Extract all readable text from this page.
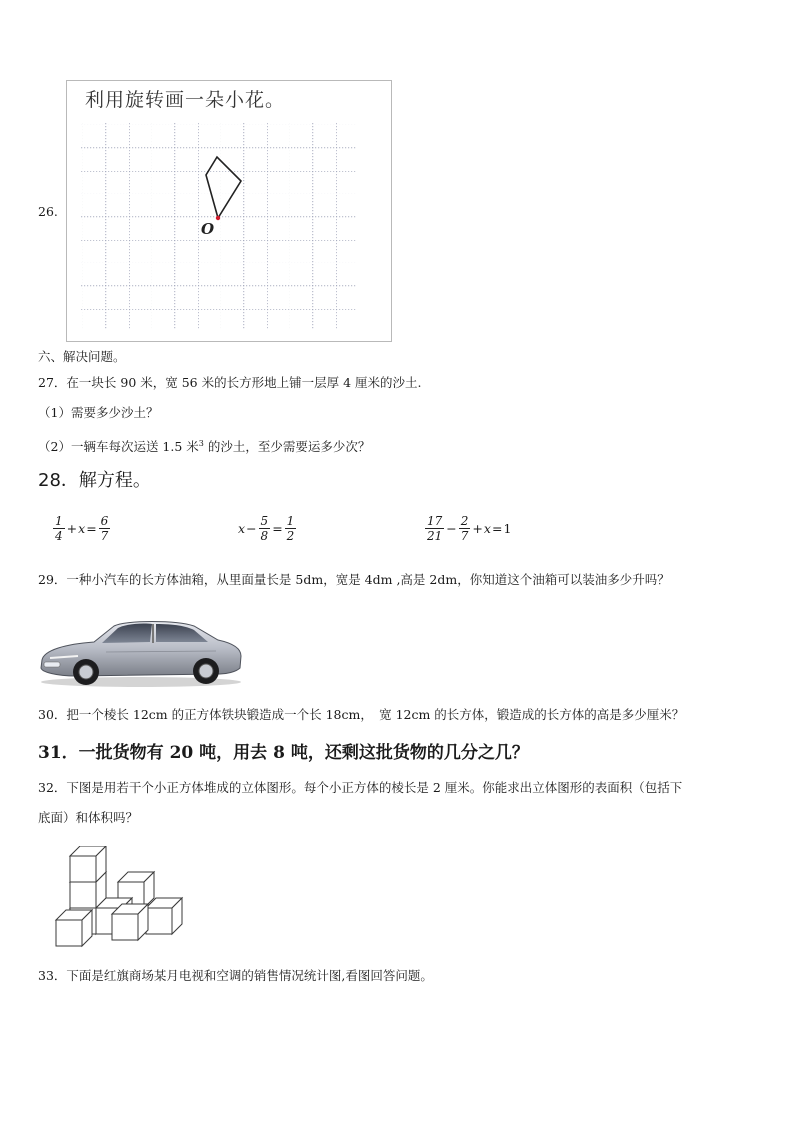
26.
利用旋转画一朵小花。
O
六、解决问题。
27．在一块长 90 米，宽 56 米的长方形地上铺一层厚 4 厘米的沙土.
（1）需要多少沙土？
（2）一辆车每次运送 1.5 米$^3$ 的沙土，至少需要运多少次？
28．解方程。
$\frac{1}{4} + x = \frac{6}{7}$	$x - \frac{5}{8} = \frac{1}{2}$	$\frac{17}{21} - \frac{2}{7} + x = 1$
29．一种小汽车的长方体油箱，从里面量长是 5dm，宽是 4dm ,高是 2dm，你知道这个油箱可以装油多少升吗？
30．把一个棱长 12cm 的正方体铁块锻造成一个长 18cm，　宽 12cm 的长方体，锻造成的长方体的高是多少厘米？
31．一批货物有 20 吨，用去 8 吨，还剩这批货物的几分之几？
32．下图是用若干个小正方体堆成的立体图形。每个小正方体的棱长是 2 厘米。你能求出立体图形的表面积（包括下
底面）和体积吗？
33．下面是红旗商场某月电视和空调的销售情况统计图,看图回答问题。
